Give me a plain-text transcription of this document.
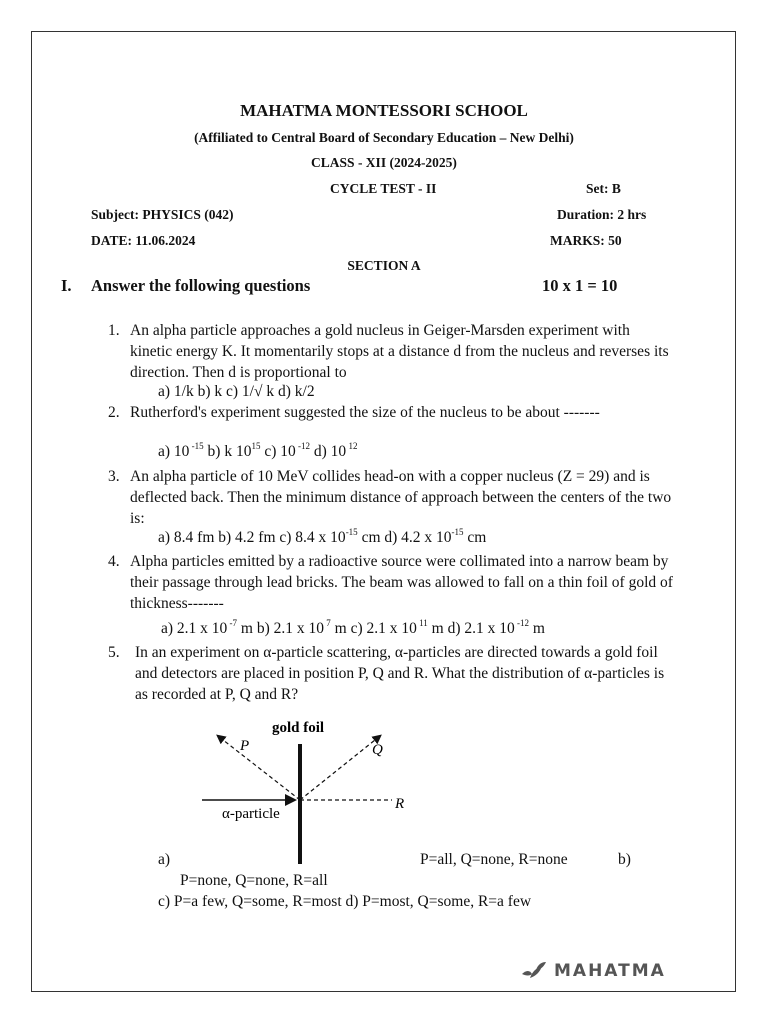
MAHATMA MONTESSORI SCHOOL
(Affiliated to Central Board of Secondary Education – New Delhi)
CLASS - XII (2024-2025)
CYCLE TEST - II	Set: B
Subject: PHYSICS (042)	Duration: 2 hrs
DATE: 11.06.2024	MARKS: 50
SECTION A
I. Answer the following questions	10 x 1 = 10
1. An alpha particle approaches a gold nucleus in Geiger-Marsden experiment with kinetic energy K. It momentarily stops at a distance d from the nucleus and reverses its direction. Then d is proportional to
a) 1/k b) k c) 1/√ k d) k/2
2. Rutherford's experiment suggested the size of the nucleus to be about -------
a) 10 $^{-15}$ b) k $10^{15}$ c) 10 $^{-12}$ d) 10 $^{12}$
3. An alpha particle of 10 MeV collides head-on with a copper nucleus (Z = 29) and is deflected back. Then the minimum distance of approach between the centers of the two is:
a) 8.4 fm b) 4.2 fm c) 8.4 x $10^{-15}$ cm d) 4.2 x $10^{-15}$ cm
4. Alpha particles emitted by a radioactive source were collimated into a narrow beam by their passage through lead bricks. The beam was allowed to fall on a thin foil of gold of thickness-------
a) 2.1 x 10 $^{-7}$ m b) 2.1 x 10 $^7$ m c) 2.1 x 10 $^{11}$ m d) 2.1 x 10 $^{-12}$ m
5. In an experiment on α-particle scattering, α-particles are directed towards a gold foil and detectors are placed in position P, Q and R. What the distribution of α-particles is as recorded at P, Q and R?
gold foil
P	Q
R
α-particle
a)	P=all, Q=none, R=none	b)
P=none, Q=none, R=all
c) P=a few, Q=some, R=most d) P=most, Q=some, R=a few
MAHATMA
